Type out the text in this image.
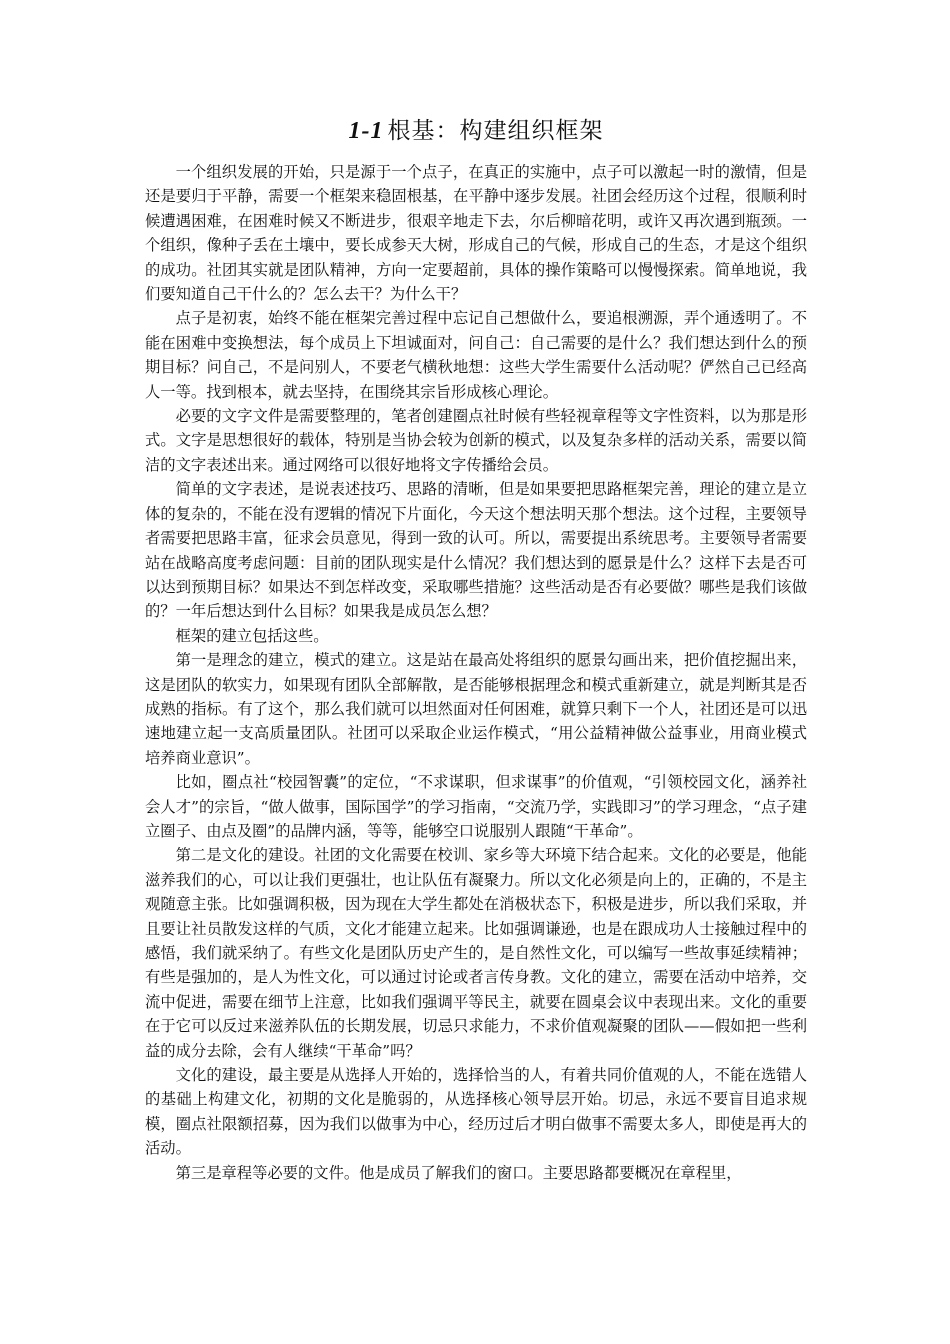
1-1 根基：构建组织框架

一个组织发展的开始，只是源于一个点子，在真正的实施中，点子可以激起一时的激情，但是还是要归于平静，需要一个框架来稳固根基，在平静中逐步发展。社团会经历这个过程，很顺利时候遭遇困难，在困难时候又不断进步，很艰辛地走下去，尔后柳暗花明，或许又再次遇到瓶颈。一个组织，像种子丢在土壤中，要长成参天大树，形成自己的气候，形成自己的生态，才是这个组织的成功。社团其实就是团队精神，方向一定要超前，具体的操作策略可以慢慢探索。简单地说，我们要知道自己干什么的？怎么去干？为什么干？

点子是初衷，始终不能在框架完善过程中忘记自己想做什么，要追根溯源，弄个通透明了。不能在困难中变换想法，每个成员上下坦诚面对，问自己：自己需要的是什么？我们想达到什么的预期目标？问自己，不是问别人，不要老气横秋地想：这些大学生需要什么活动呢？俨然自己已经高人一等。找到根本，就去坚持，在围绕其宗旨形成核心理论。

必要的文字文件是需要整理的，笔者创建圈点社时候有些轻视章程等文字性资料，以为那是形式。文字是思想很好的载体，特别是当协会较为创新的模式，以及复杂多样的活动关系，需要以简洁的文字表述出来。通过网络可以很好地将文字传播给会员。

简单的文字表述，是说表述技巧、思路的清晰，但是如果要把思路框架完善，理论的建立是立体的复杂的，不能在没有逻辑的情况下片面化，今天这个想法明天那个想法。这个过程，主要领导者需要把思路丰富，征求会员意见，得到一致的认可。所以，需要提出系统思考。主要领导者需要站在战略高度考虑问题：目前的团队现实是什么情况？我们想达到的愿景是什么？这样下去是否可以达到预期目标？如果达不到怎样改变，采取哪些措施？这些活动是否有必要做？哪些是我们该做的？一年后想达到什么目标？如果我是成员怎么想？

框架的建立包括这些。

第一是理念的建立，模式的建立。这是站在最高处将组织的愿景勾画出来，把价值挖掘出来，这是团队的软实力，如果现有团队全部解散，是否能够根据理念和模式重新建立，就是判断其是否成熟的指标。有了这个，那么我们就可以坦然面对任何困难，就算只剩下一个人，社团还是可以迅速地建立起一支高质量团队。社团可以采取企业运作模式，“用公益精神做公益事业，用商业模式培养商业意识”。

比如，圈点社“校园智囊”的定位，“不求谋职，但求谋事”的价值观，“引领校园文化，涵养社会人才”的宗旨，“做人做事，国际国学”的学习指南，“交流乃学，实践即习”的学习理念，“点子建立圈子、由点及圈”的品牌内涵，等等，能够空口说服别人跟随“干革命”。

第二是文化的建设。社团的文化需要在校训、家乡等大环境下结合起来。文化的必要是，他能滋养我们的心，可以让我们更强壮，也让队伍有凝聚力。所以文化必须是向上的，正确的，不是主观随意主张。比如强调积极，因为现在大学生都处在消极状态下，积极是进步，所以我们采取，并且要让社员散发这样的气质，文化才能建立起来。比如强调谦逊，也是在跟成功人士接触过程中的感悟，我们就采纳了。有些文化是团队历史产生的，是自然性文化，可以编写一些故事延续精神；有些是强加的，是人为性文化，可以通过讨论或者言传身教。文化的建立，需要在活动中培养，交流中促进，需要在细节上注意，比如我们强调平等民主，就要在圆桌会议中表现出来。文化的重要在于它可以反过来滋养队伍的长期发展，切忌只求能力，不求价值观凝聚的团队——假如把一些利益的成分去除，会有人继续“干革命”吗？

文化的建设，最主要是从选择人开始的，选择恰当的人，有着共同价值观的人，不能在选错人的基础上构建文化，初期的文化是脆弱的，从选择核心领导层开始。切忌，永远不要盲目追求规模，圈点社限额招募，因为我们以做事为中心，经历过后才明白做事不需要太多人，即使是再大的活动。

第三是章程等必要的文件。他是成员了解我们的窗口。主要思路都要概况在章程里，
